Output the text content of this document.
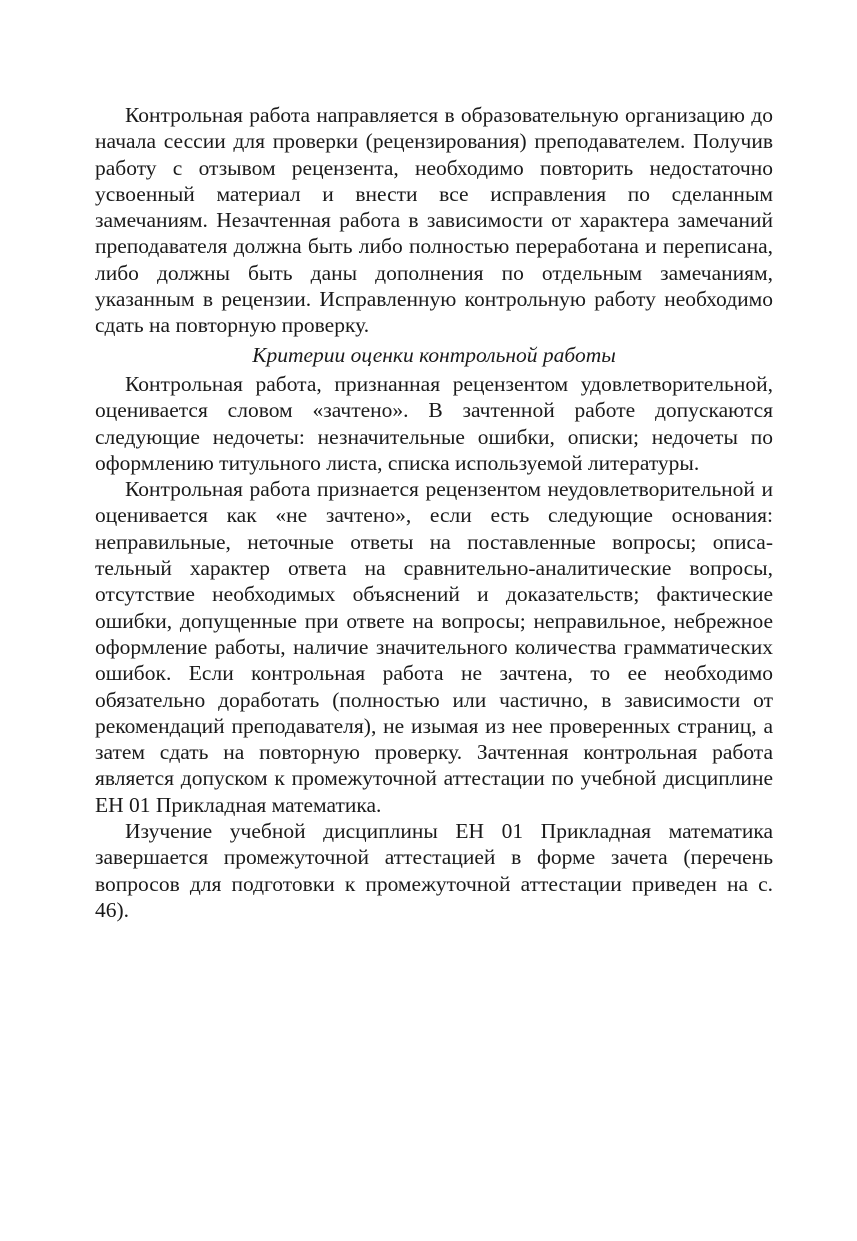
Контрольная работа направляется в образовательную организацию до начала сессии для проверки (рецензирования) преподавателем. Получив работу с отзывом рецензента, необходимо повторить недостаточно усвоенный материал и внести все исправления по сделанным замечаниям. Незачтенная работа в зависимости от характера замечаний преподавателя должна быть либо полностью переработана и переписана, либо должны быть даны дополнения по отдельным замечаниям, указанным в рецензии. Исправленную контрольную работу необходимо сдать на повторную проверку.

Критерии оценки контрольной работы

Контрольная работа, признанная рецензентом удовлетворительной, оценивается словом «зачтено». В зачтенной работе допускаются следующие недочеты: незначительные ошибки, описки; недочеты по оформлению титульного листа, списка используемой литературы.

Контрольная работа признается рецензентом неудовлетворительной и оценивается как «не зачтено», если есть следующие основания: неправильные, неточные ответы на поставленные вопросы; описательный характер ответа на сравнительно-аналитические вопросы, отсутствие необходимых объяснений и доказательств; фактические ошибки, допущенные при ответе на вопросы; неправильное, небрежное оформление работы, наличие значительного количества грамматических ошибок. Если контрольная работа не зачтена, то ее необходимо обязательно доработать (полностью или частично, в зависимости от рекомендаций преподавателя), не изымая из нее проверенных страниц, а затем сдать на повторную проверку. Зачтенная контрольная работа является допуском к промежуточной аттестации по учебной дисциплине ЕН 01 Прикладная математика.

Изучение учебной дисциплины ЕН 01 Прикладная математика завершается промежуточной аттестацией в форме зачета (перечень вопросов для подготовки к промежуточной аттестации приведен на с. 46).
